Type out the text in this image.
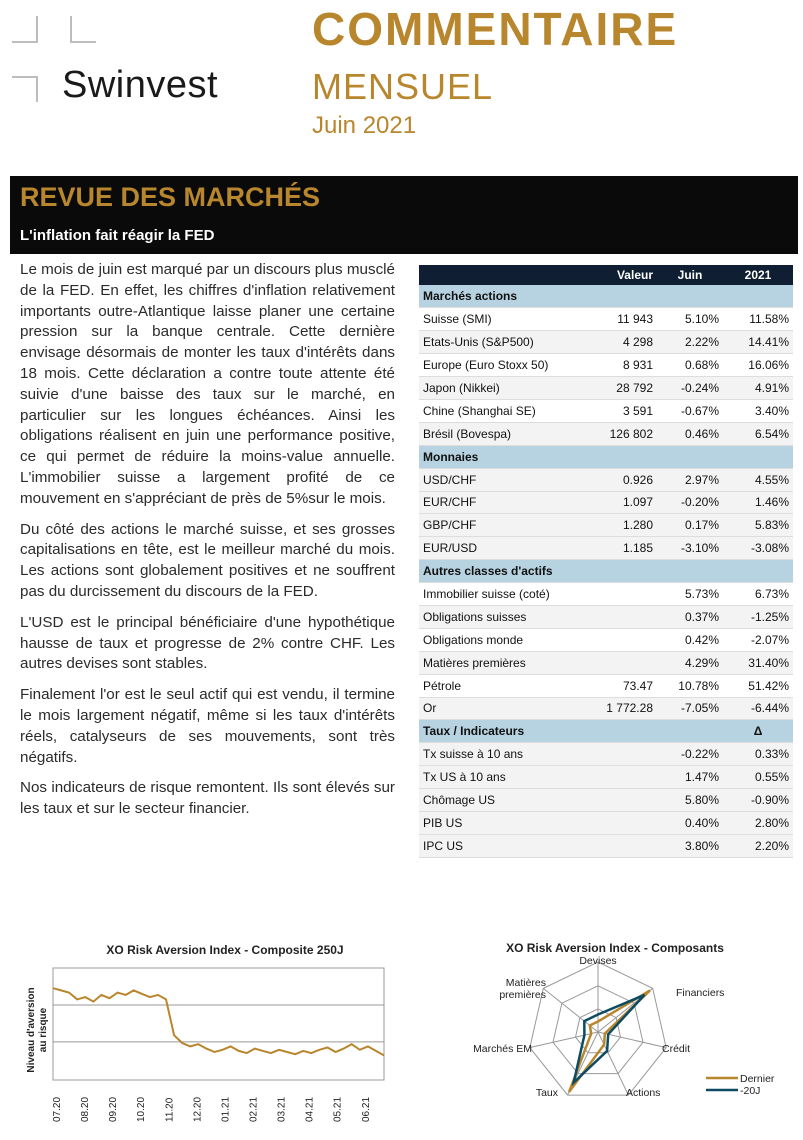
Swinvest
COMMENTAIRE
MENSUEL
Juin 2021
REVUE DES MARCHÉS
L'inflation fait réagir la FED

Le mois de juin est marqué par un discours plus musclé de la FED. En effet, les chiffres d'inflation relativement importants outre-Atlantique laisse planer une certaine pression sur la banque centrale. Cette dernière envisage désormais de monter les taux d'intérêts dans 18 mois. Cette déclaration a contre toute attente été suivie d'une baisse des taux sur le marché, en particulier sur les longues échéances. Ainsi les obligations réalisent en juin une performance positive, ce qui permet de réduire la moins-value annuelle. L'immobilier suisse a largement profité de ce mouvement en s'appréciant de près de 5%sur le mois.

Du côté des actions le marché suisse, et ses grosses capitalisations en tête, est le meilleur marché du mois. Les actions sont globalement positives et ne souffrent pas du durcissement du discours de la FED.

L'USD est le principal bénéficiaire d'une hypothétique hausse de taux et progresse de 2% contre CHF. Les autres devises sont stables.

Finalement l'or est le seul actif qui est vendu, il termine le mois largement négatif, même si les taux d'intérêts réels, catalyseurs de ses mouvements, sont très négatifs.

Nos indicateurs de risque remontent. Ils sont élevés sur les taux et sur le secteur financier.

	Valeur	Juin	2021
Marchés actions			
Suisse (SMI)	11 943	5.10%	11.58%
Etats-Unis (S&P500)	4 298	2.22%	14.41%
Europe (Euro Stoxx 50)	8 931	0.68%	16.06%
Japon (Nikkei)	28 792	-0.24%	4.91%
Chine (Shanghai SE)	3 591	-0.67%	3.40%
Brésil (Bovespa)	126 802	0.46%	6.54%
Monnaies			
USD/CHF	0.926	2.97%	4.55%
EUR/CHF	1.097	-0.20%	1.46%
GBP/CHF	1.280	0.17%	5.83%
EUR/USD	1.185	-3.10%	-3.08%
Autres classes d'actifs			
Immobilier suisse (coté)		5.73%	6.73%
Obligations suisses		0.37%	-1.25%
Obligations monde		0.42%	-2.07%
Matières premières		4.29%	31.40%
Pétrole	73.47	10.78%	51.42%
Or	1 772.28	-7.05%	-6.44%
Taux / Indicateurs			Δ
Tx suisse à 10 ans		-0.22%	0.33%
Tx US à 10 ans		1.47%	0.55%
Chômage US		5.80%	-0.90%
PIB US		0.40%	2.80%
IPC US		3.80%	2.20%
XO Risk Aversion Index - Composite 250J
Niveau d'aversionau risque
07.20 08.20 09.20 10.20 11.20 12.20 01.21 02.21 03.21 04.21 05.21 06.21
XO Risk Aversion Index - Composants
Devises
Financiers
Crédit
Actions
Taux
Marchés EM
Matières premières
Dernier
-20J
